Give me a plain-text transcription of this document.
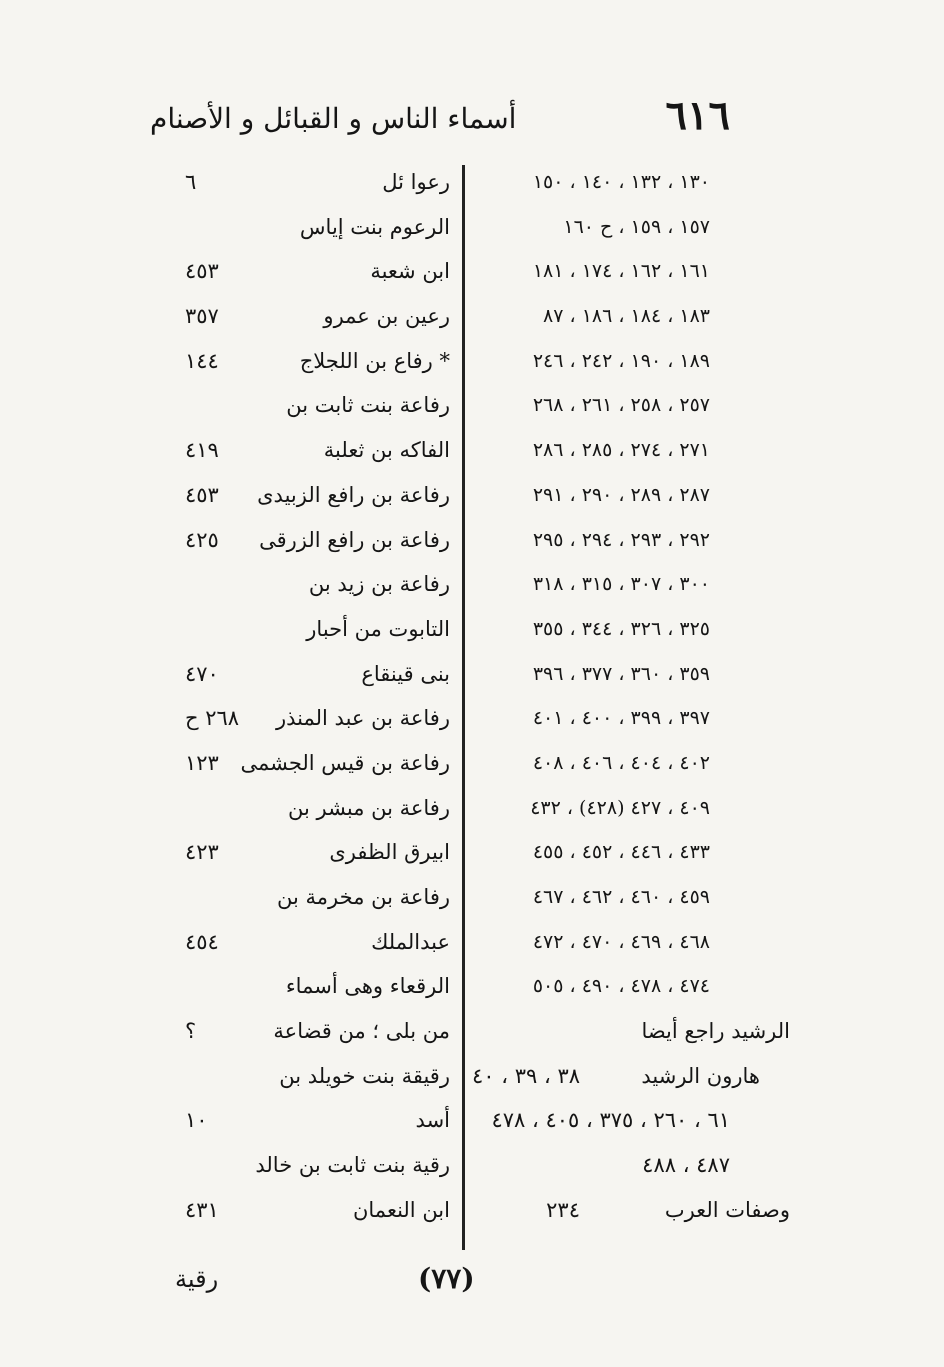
٦١٦
أسماء الناس و القبائل و الأصنام
١٣٠ ، ١٣٢ ، ١٤٠ ، ١٥٠
١٥٧ ، ١٥٩ ، ح ١٦٠
١٦١ ، ١٦٢ ، ١٧٤ ، ١٨١
١٨٣ ، ١٨٤ ، ١٨٦ ، ٨٧
١٨٩ ، ١٩٠ ، ٢٤٢ ، ٢٤٦
٢٥٧ ، ٢٥٨ ، ٢٦١ ، ٢٦٨
٢٧١ ، ٢٧٤ ، ٢٨٥ ، ٢٨٦
٢٨٧ ، ٢٨٩ ، ٢٩٠ ، ٢٩١
٢٩٢ ، ٢٩٣ ، ٢٩٤ ، ٢٩٥
٣٠٠ ، ٣٠٧ ، ٣١٥ ، ٣١٨
٣٢٥ ، ٣٢٦ ، ٣٤٤ ، ٣٥٥
٣٥٩ ، ٣٦٠ ، ٣٧٧ ، ٣٩٦
٣٩٧ ، ٣٩٩ ، ٤٠٠ ، ٤٠١
٤٠٢ ، ٤٠٤ ، ٤٠٦ ، ٤٠٨
٤٠٩ ، ٤٢٧ (٤٢٨) ، ٤٣٢
٤٣٣ ، ٤٤٦ ، ٤٥٢ ، ٤٥٥
٤٥٩ ، ٤٦٠ ، ٤٦٢ ، ٤٦٧
٤٦٨ ، ٤٦٩ ، ٤٧٠ ، ٤٧٢
٤٧٤ ، ٤٧٨ ، ٤٩٠ ، ٥٠٥
الرشيد راجع أيضا
هارون الرشيد
٣٨ ، ٣٩ ، ٤٠
٦١ ، ٢٦٠ ، ٣٧٥ ، ٤٠٥ ، ٤٧٨
٤٨٧ ، ٤٨٨
وصفات العرب
٢٣٤
رعوا ئل
٦
الرعوم بنت إياس
ابن شعبة
٤٥٣
رعين بن عمرو
٣٥٧
* رفاع بن اللجلاج
١٤٤
رفاعة بنت ثابت بن
الفاكه بن ثعلبة
٤١٩
رفاعة بن رافع الزبيدى
٤٥٣
رفاعة بن رافع الزرقى
٤٢٥
رفاعة بن زيد بن
التابوت من أحبار
بنى قينقاع
٤٧٠
رفاعة بن عبد المنذر
٢٦٨ ح
رفاعة بن قيس الجشمى
١٢٣
رفاعة بن مبشر بن
ابيرق الظفرى
٤٢٣
رفاعة بن مخرمة بن
عبدالملك
٤٥٤
الرقعاء وهى أسماء
من بلى ؛ من قضاعة
؟
رقيقة بنت خويلد بن
أسد
١٠
رقية بنت ثابت بن خالد
ابن النعمان
٤٣١
(٧٧)
رقية
